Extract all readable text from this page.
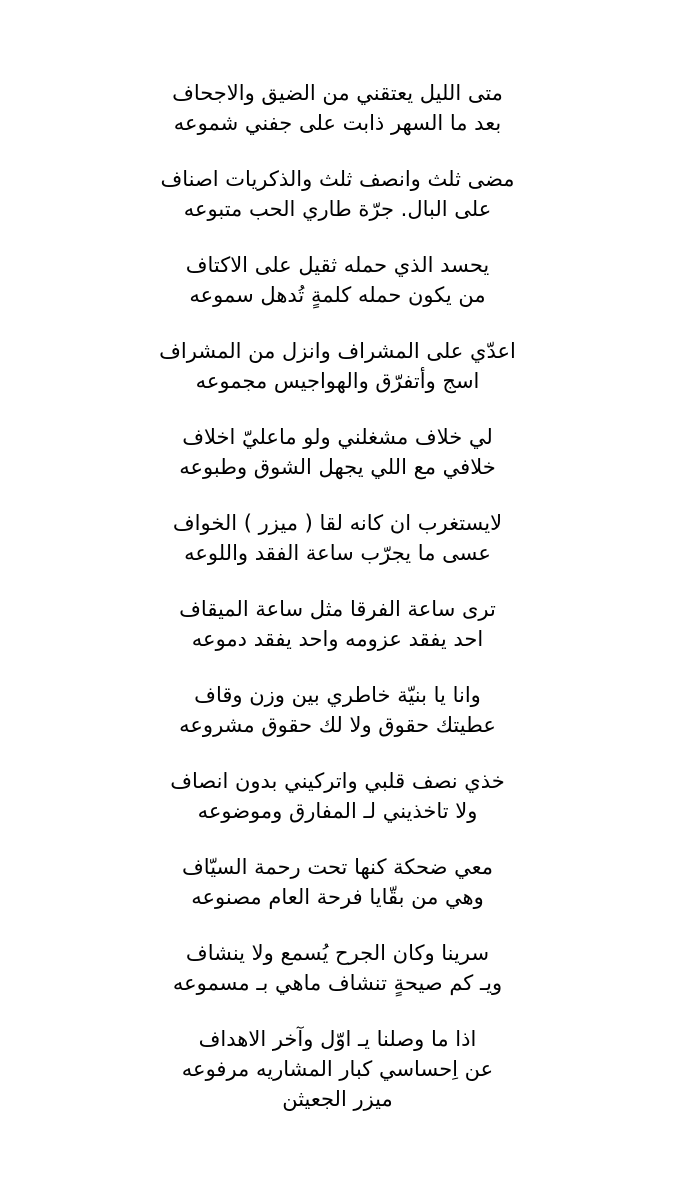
متى الليل يعتقني من الضيق والاجحاف
بعد ما السهر ذابت على جفني شموعه
مضى ثلث وانصف ثلث والذكريات اصناف
على البال. جرّة طاري الحب متبوعه
يحسد الذي حمله ثقيل على الاكتاف
من يكون حمله كلمةٍ تُدهل سموعه
اعدّي على المشراف وانزل من المشراف
اسج وأتفرّق والهواجيس مجموعه
لي خلاف مشغلني ولو ماعليّ اخلاف
خلافي مع اللي يجهل الشوق وطبوعه
لايستغرب ان كانه لقا ( ميزر ) الخواف
عسى ما يجرّب ساعة الفقد واللوعه
ترى ساعة الفرقا مثل ساعة الميقاف
احد يفقد عزومه واحد يفقد دموعه
وانا يا بنيّة خاطري بين وزن وقاف
عطيتك حقوق ولا لك حقوق مشروعه
خذي نصف قلبي واتركيني بدون انصاف
ولا تاخذيني لـ المفارق وموضوعه
معي ضحكة كنها تحت رحمة السيّاف
وهي من بقّايا فرحة العام مصنوعه
سرينا وكان الجرح يُسمع ولا ينشاف
ويـ كم صيحةٍ تنشاف ماهي بـ مسموعه
اذا ما وصلنا يـ اوّل وآخر الاهداف
عن اِحساسي كبار المشاريه مرفوعه
ميزر الجعيثن
